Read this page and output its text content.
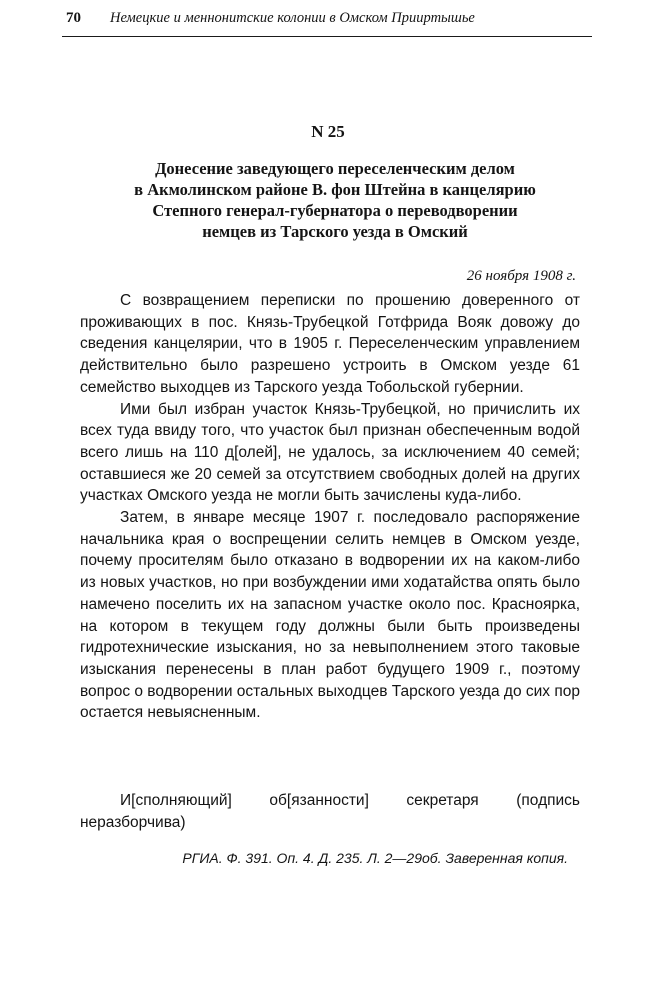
70 Немецкие и меннонитские колонии в Омском Прииртышье
N 25
Донесение заведующего переселенческим делом
в Акмолинском районе В. фон Штейна в канцелярию
Степного генерал-губернатора о переводворении
немцев из Тарского уезда в Омский
26 ноября 1908 г.

С возвращением переписки по прошению доверенного от проживающих в пос. Князь-Трубецкой Готфрида Вояк довожу до сведения канцелярии, что в 1905 г. Переселенческим управлением действительно было разрешено устроить в Омском уезде 61 семейство выходцев из Тарского уезда Тобольской губернии.

Ими был избран участок Князь-Трубецкой, но причислить их всех туда ввиду того, что участок был признан обеспеченным водой всего лишь на 110 д[олей], не удалось, за исключением 40 семей; оставшиеся же 20 семей за отсутствием свободных долей на других участках Омского уезда не могли быть зачислены куда-либо.

Затем, в январе месяце 1907 г. последовало распоряжение начальника края о воспрещении селить немцев в Омском уезде, почему просителям было отказано в водворении их на каком-либо из новых участков, но при возбуждении ими ходатайства опять было намечено поселить их на запасном участке около пос. Краснoярка, на котором в текущем году должны были быть произведены гидротехнические изыскания, но за невыполнением этого таковые изыскания перенесены в план работ будущего 1909 г., поэтому вопрос о водворении остальных выходцев Тарского уезда до сих пор остается невыясненным.

И[сполняющий] об[язанности] секретаря (подпись неразборчива)
РГИА. Ф. 391. Оп. 4. Д. 235. Л. 2—29об. Заверенная копия.
